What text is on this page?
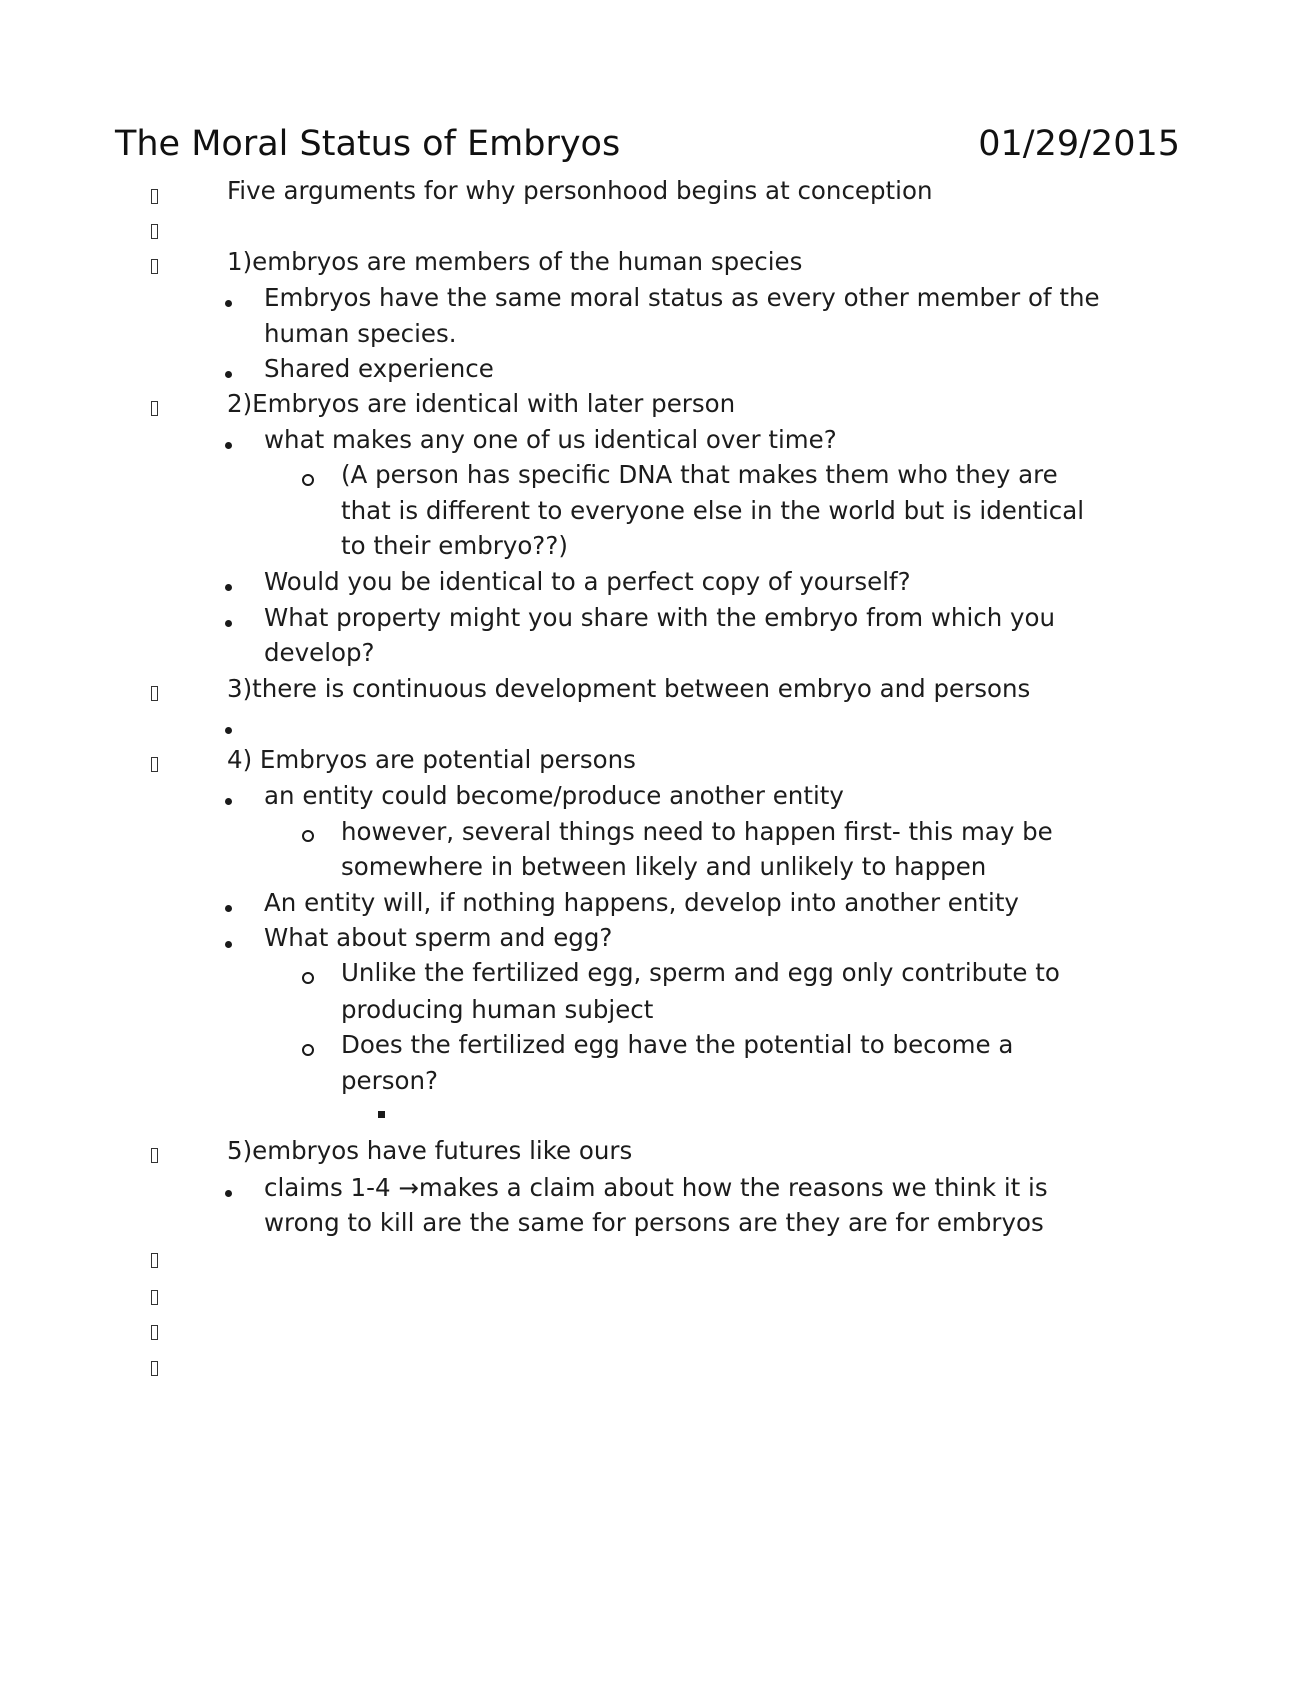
The Moral Status of Embryos	01/29/2015
Five arguments for why personhood begins at conception
1)embryos are members of the human species
Embryos have the same moral status as every other member of the
human species.
Shared experience
2)Embryos are identical with later person
what makes any one of us identical over time?
(A person has specific DNA that makes them who they are
that is different to everyone else in the world but is identical
to their embryo??)
Would you be identical to a perfect copy of yourself?
What property might you share with the embryo from which you
develop?
3)there is continuous development between embryo and persons
4) Embryos are potential persons
an entity could become/produce another entity
however, several things need to happen first- this may be
somewhere in between likely and unlikely to happen
An entity will, if nothing happens, develop into another entity
What about sperm and egg?
Unlike the fertilized egg, sperm and egg only contribute to
producing human subject
Does the fertilized egg have the potential to become a
person?
5)embryos have futures like ours
claims 1-4 →makes a claim about how the reasons we think it is
wrong to kill are the same for persons are they are for embryos
